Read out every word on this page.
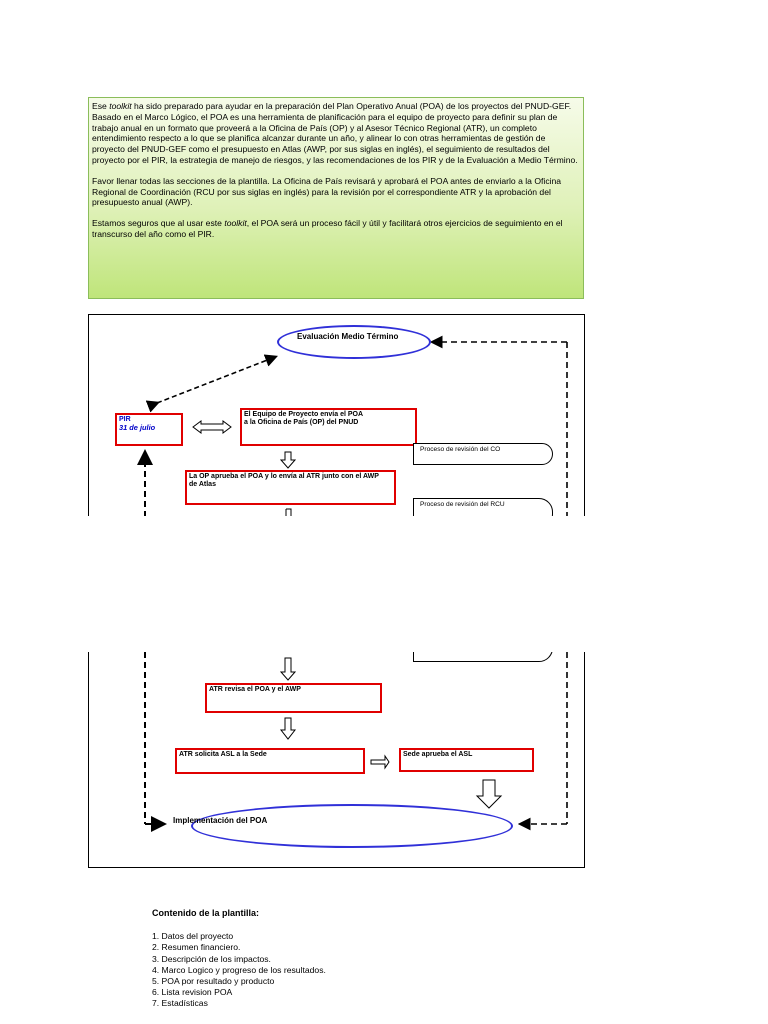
Ese toolkit ha sido preparado para ayudar en la preparación del Plan Operativo Anual (POA) de los proyectos del PNUD-GEF. Basado en el Marco Lógico, el POA es una herramienta de planificación para el equipo de proyecto para definir su plan de trabajo anual en un formato que proveerá a la Oficina de País (OP) y al Asesor Técnico Regional (ATR), un completo entendimiento respecto a lo que se planifica alcanzar durante un año, y alinear lo con otras herramientas de gestión de proyecto del PNUD-GEF como el presupuesto en Atlas (AWP, por sus siglas en inglés), el seguimiento de resultados del proyecto por el PIR, la estrategia de manejo de riesgos, y las recomendaciones de los PIR y de la Evaluación a Medio Término.

Favor llenar todas las secciones de la plantilla. La Oficina de País revisará y aprobará el POA antes de enviarlo a la Oficina Regional de Coordinación (RCU por sus siglas en inglés) para la revisión por el correspondiente ATR y la aprobación del presupuesto anual (AWP).

Estamos seguros que al usar este toolkit, el POA será un proceso fácil y útil y facilitará otros ejercicios de seguimiento en el transcurso del año como el PIR.

Evaluación Medio Término
PIR
31 de julio
El Equipo de Proyecto envía el POA
a la Oficina de País (OP) del PNUD
Proceso de revisión del CO
La OP aprueba el POA y lo envía al ATR junto con el AWP
de Atlas
Proceso de revisión del RCU
ATR revisa el POA y el AWP
ATR solicita ASL a la Sede	Sede aprueba el ASL
Implementación del POA
Contenido de la plantilla:
1. Datos del proyecto
2. Resumen financiero.
3. Descripción de los impactos.
4. Marco Logico y progreso de los resultados.
5. POA por resultado y producto
6. Lista revision POA
7. Estadísticas
